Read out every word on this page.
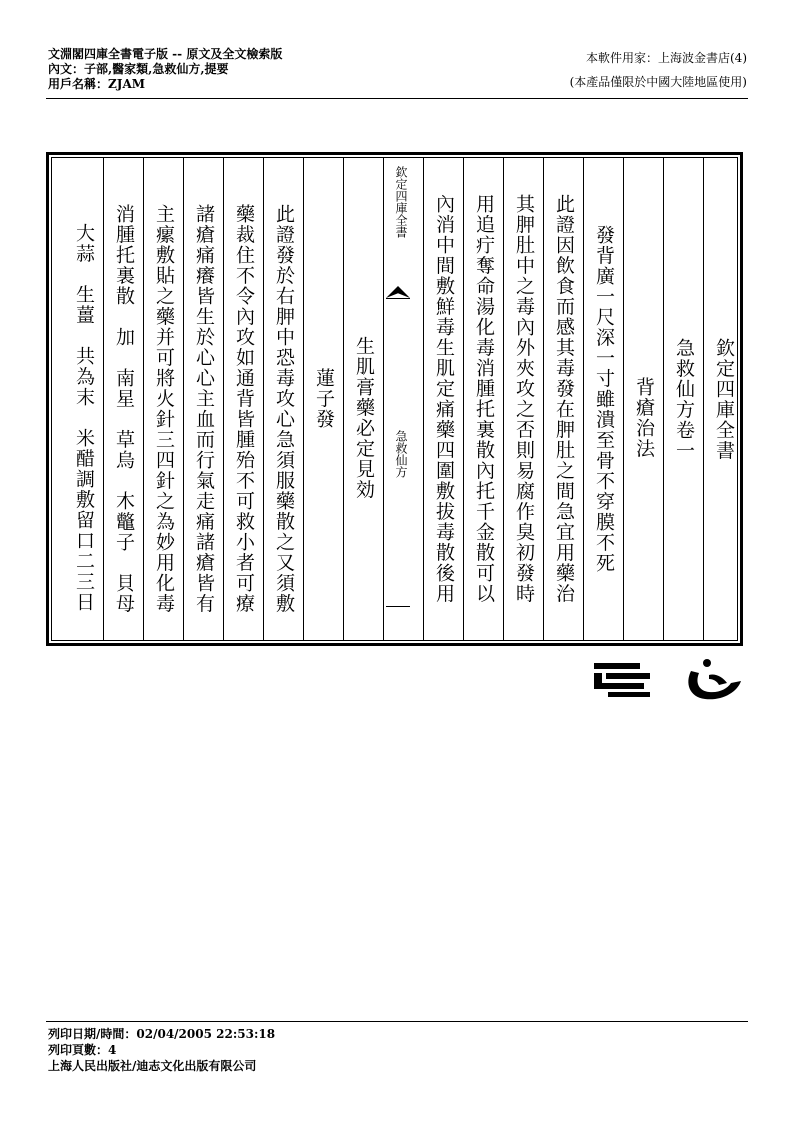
文淵閣四庫全書電子版 -- 原文及全文檢索版
內文：子部,醫家類,急救仙方,提要
用戶名稱：ZJAM
本軟件用家：上海波金書店(4)
(本產品僅限於中國大陸地區使用)
欽定四庫全書
急救仙方卷一
背瘡治法
發背廣一尺深一寸雖潰至骨不穿膜不死
此證因飲食而感其毒發在胛肚之間急宜用藥治
其胛肚中之毒內外夾攻之否則易腐作臭初發時
用追疔奪命湯化毒消腫托裏散內托千金散可以
內消中間敷鮮毒生肌定痛藥四圍敷拔毒散後用
欽定四庫全書
急救仙方
生肌膏藥必定見効
蓮子發
此證發於右胛中恐毒攻心急須服藥散之又須敷
藥裁住不令內攻如通背皆腫殆不可救小者可療
諸瘡痛癢皆生於心心主血而行氣走痛諸瘡皆有
主瘰敷貼之藥并可將火針三四針之為妙用化毒
消腫托裏散　加　南星　草烏　木鼈子　貝母
大蒜　生薑　共為末　米醋調敷留口二三日
列印日期/時間：02/04/2005 22:53:18
列印頁數：4
上海人民出版社/迪志文化出版有限公司
